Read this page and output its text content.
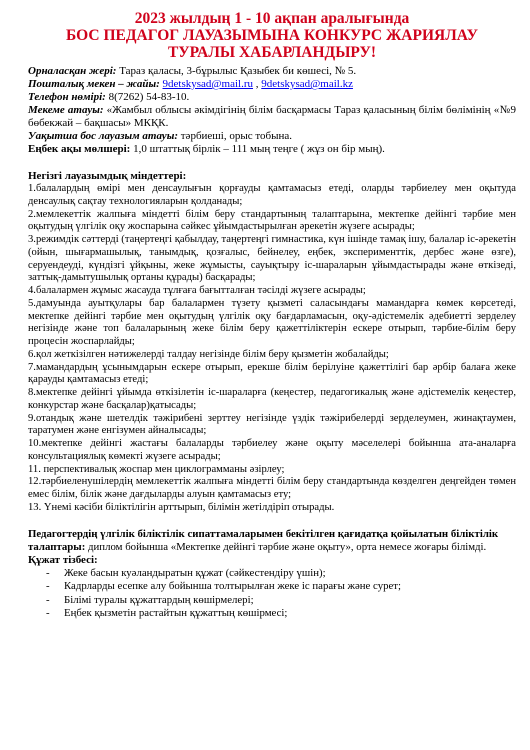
2023 жылдың 1 - 10 ақпан аралығында
БОС ПЕДАГОГ ЛАУАЗЫМЫНА КОНКУРС ЖАРИЯЛАУ
ТУРАЛЫ ХАБАРЛАНДЫРУ!

Орналасқан жері: Тараз қаласы, 3-бұрылыс Қазыбек би көшесі, № 5.

Пошталық мекен – жайы: 9detskysad@mail.ru , 9detskysad@mail.kz

Телефон нөмірі: 8(7262) 54-83-10.

Мекеме атауы: «Жамбыл облысы әкімдігінің білім басқармасы Тараз қаласының білім бөлімінің «№9 бөбекжай – бақшасы» МКҚК.

Уақытша бос лауазым атауы: тәрбиеші, орыс тобына.

Еңбек ақы мөлшері: 1,0 штаттық бірлік – 111 мың теңге ( жұз он бір мың).

Негізгі лауазымдық міндеттері:

1.балалардың өмірі мен денсаулығын қорғауды қамтамасыз етеді, оларды тәрбиелеу мен оқытуда денсаулық сақтау технологияларын қолданады;

2.мемлекеттік жалпыға міндетті білім беру стандартының талаптарына, мектепке дейінгі тәрбие мен оқытудың үлгілік оқу жоспарына сәйкес ұйымдастырылған әрекетін жүзеге асырады;

3.режимдік сәттерді (таңертеңгі қабылдау, таңертеңгі гимнастика, күн ішінде тамақ ішу, балалар іс-әрекетін (ойын, шығармашылық, танымдық, қозғалыс, бейнелеу, еңбек, эксперименттік, дербес және өзге), серуендеуді, күндізгі ұйқыны, жеке жұмысты, сауықтыру іс-шараларын ұйымдастырады және өткізеді, заттық-дамытушылық ортаны құрады) басқарады;

4.балалармен жұмыс жасауда тұлғаға бағытталған тәсілді жүзеге асырады;

5.дамуында ауытқулары бар балалармен түзету қызметі саласындағы мамандарға көмек көрсетеді, мектепке дейінгі тәрбие мен оқытудың үлгілік оқу бағдарламасын, оқу-әдістемелік әдебиетті зерделеу негізінде және топ балаларының жеке білім беру қажеттіліктерін ескере отырып, тәрбие-білім беру процесін жоспарлайды;

6.қол жеткізілген нәтижелерді талдау негізінде білім беру қызметін жобалайды;

7.мамандардың ұсынымдарын ескере отырып, ерекше білім берілуіне қажеттілігі бар әрбір балаға жеке қарауды қамтамасыз етеді;

8.мектепке дейінгі ұйымда өткізілетін іс-шараларға (кеңестер, педагогикалық және әдістемелік кеңестер, конкурстар және басқалар)қатысады;

9.отандық және шетелдік тәжірибені зерттеу негізінде үздік тәжірибелерді зерделеумен, жинақтаумен, таратумен және енгізумен айналысады;

10.мектепке дейінгі жастағы балаларды тәрбиелеу және оқыту мәселелері бойынша ата-аналарға консультациялық көмекті жүзеге асырады;

11. перспективалық жоспар мен циклограмманы әзірлеу;

12.тәрбиеленушілердің мемлекеттік жалпыға міндетті білім беру стандартында көзделген деңгейден төмен емес білім, білік және дағдыларды алуын қамтамасыз ету;

13. Үнемі кәсіби біліктілігін арттырып, білімін жетілдіріп отырады.

Педагогтердің үлгілік біліктілік сипаттамаларымен бекітілген қағидатқа қойылатын біліктілік талаптары: диплом бойынша «Мектепке дейінгі тәрбие және оқыту», орта немесе жоғары білімді.

Құжат тізбесі:
- Жеке басын куәландыратын құжат (сәйкестендіру үшін);
- Кадрларды есепке алу бойынша толтырылған жеке іс парағы және сурет;
- Білімі туралы құжаттардың көшірмелері;
- Еңбек қызметін растайтын құжаттың көшірмесі;
